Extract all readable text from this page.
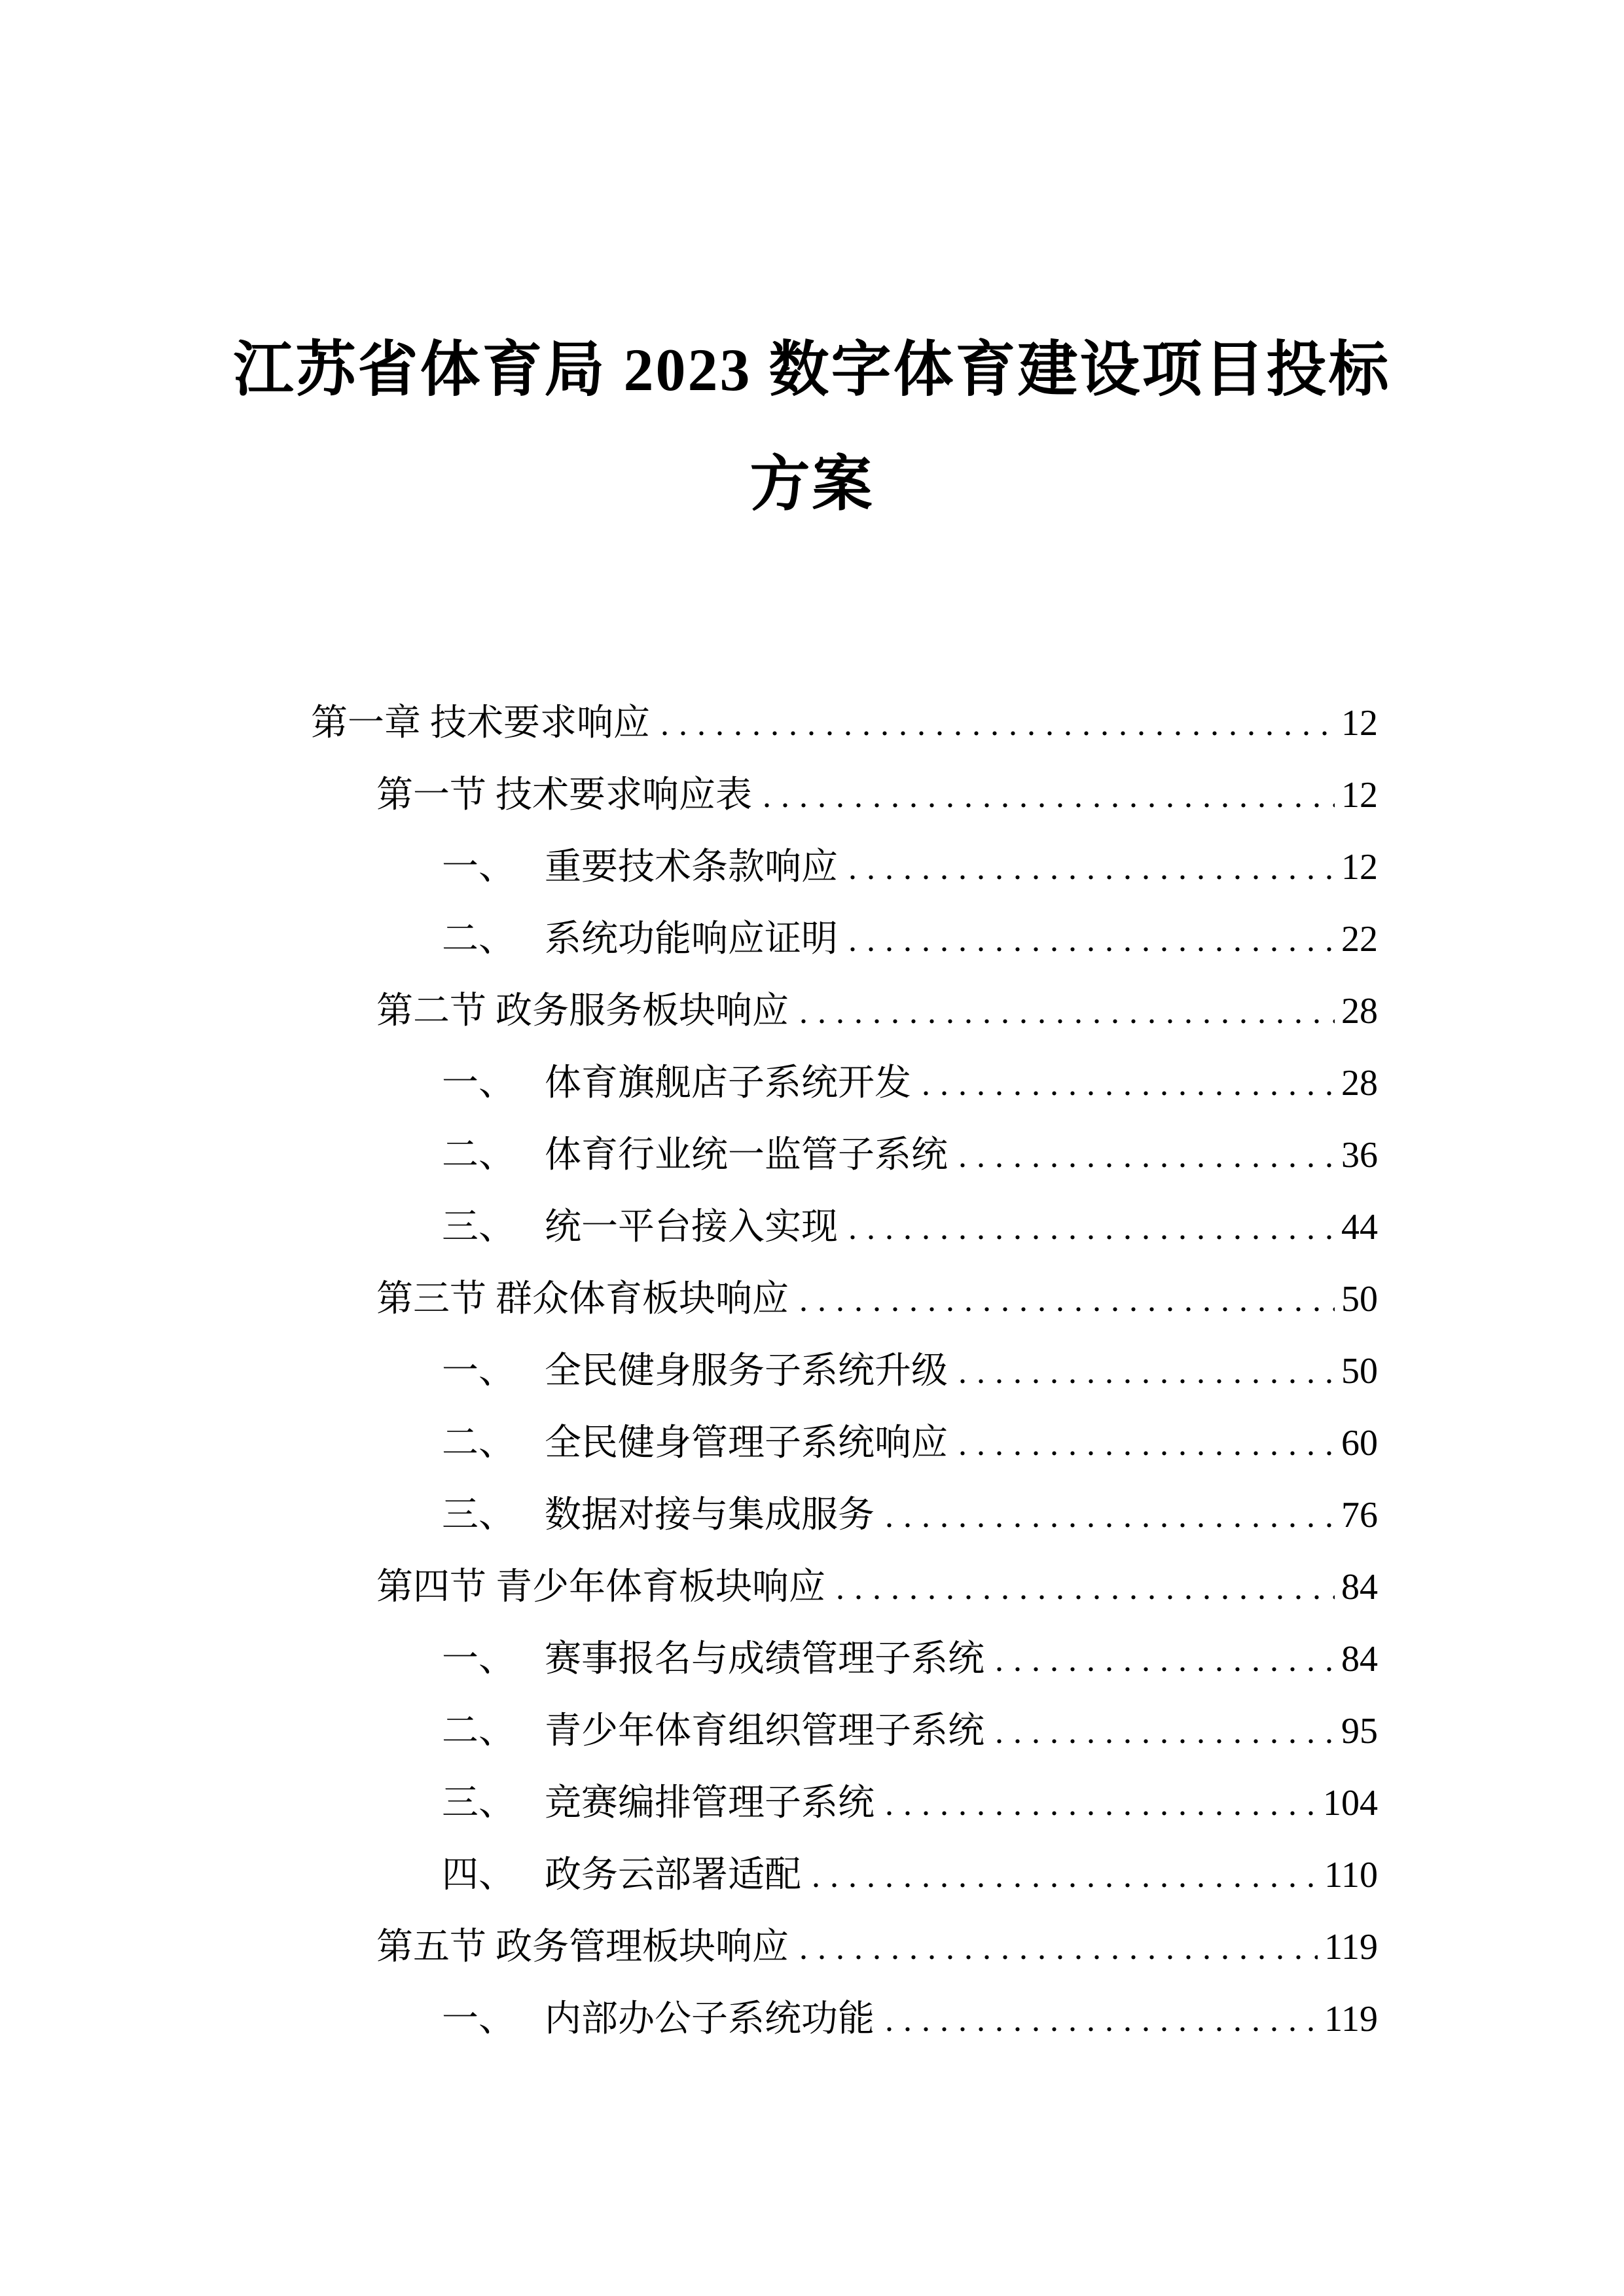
江苏省体育局 2023 数字体育建设项目投标
方案
第一章 技术要求响应 .....	12
第一节 技术要求响应表 .....	12
一、 重要技术条款响应 .....	12
二、 系统功能响应证明 .....	22
第二节 政务服务板块响应 .....	28
一、 体育旗舰店子系统开发 .....	28
二、 体育行业统一监管子系统 .....	36
三、 统一平台接入实现 .....	44
第三节 群众体育板块响应 .....	50
一、 全民健身服务子系统升级 .....	50
二、 全民健身管理子系统响应 .....	60
三、 数据对接与集成服务 .....	76
第四节 青少年体育板块响应 .....	84
一、 赛事报名与成绩管理子系统 .....	84
二、 青少年体育组织管理子系统 .....	95
三、 竞赛编排管理子系统 .....	104
四、 政务云部署适配 .....	110
第五节 政务管理板块响应 .....	119
一、 内部办公子系统功能 .....	119
